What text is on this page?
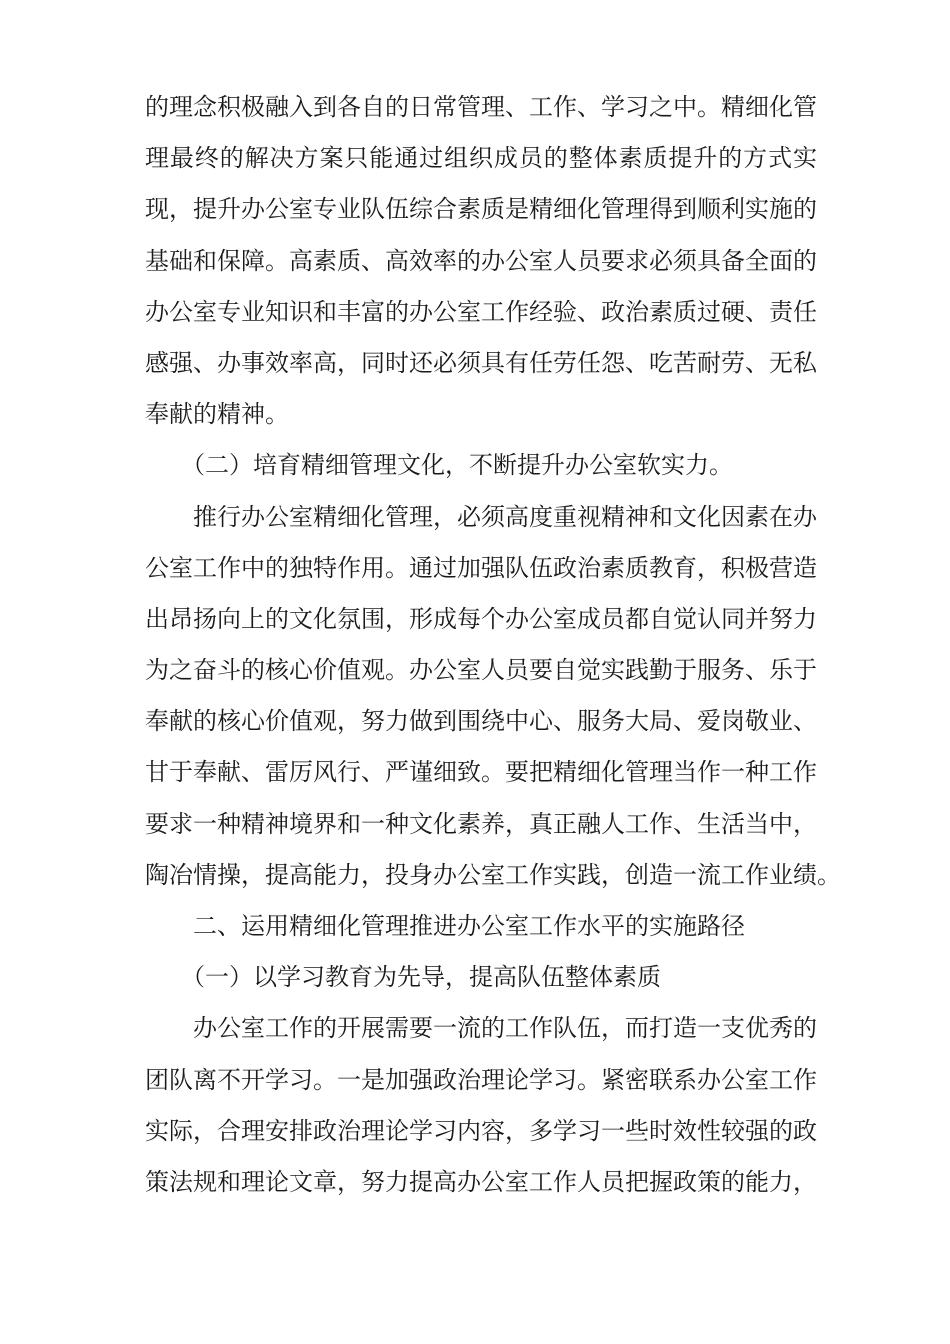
的理念积极融入到各自的日常管理、工作、学习之中。精细化管
理最终的解决方案只能通过组织成员的整体素质提升的方式实
现，提升办公室专业队伍综合素质是精细化管理得到顺利实施的
基础和保障。高素质、高效率的办公室人员要求必须具备全面的
办公室专业知识和丰富的办公室工作经验、政治素质过硬、责任
感强、办事效率高，同时还必须具有任劳任怨、吃苦耐劳、无私
奉献的精神。
（二）培育精细管理文化，不断提升办公室软实力。
推行办公室精细化管理，必须高度重视精神和文化因素在办
公室工作中的独特作用。通过加强队伍政治素质教育，积极营造
出昂扬向上的文化氛围，形成每个办公室成员都自觉认同并努力
为之奋斗的核心价值观。办公室人员要自觉实践勤于服务、乐于
奉献的核心价值观，努力做到围绕中心、服务大局、爱岗敬业、
甘于奉献、雷厉风行、严谨细致。要把精细化管理当作一种工作
要求一种精神境界和一种文化素养，真正融人工作、生活当中，
陶冶情操，提高能力，投身办公室工作实践，创造一流工作业绩。
二、运用精细化管理推进办公室工作水平的实施路径
（一）以学习教育为先导，提高队伍整体素质
办公室工作的开展需要一流的工作队伍，而打造一支优秀的
团队离不开学习。一是加强政治理论学习。紧密联系办公室工作
实际，合理安排政治理论学习内容，多学习一些时效性较强的政
策法规和理论文章，努力提高办公室工作人员把握政策的能力，
